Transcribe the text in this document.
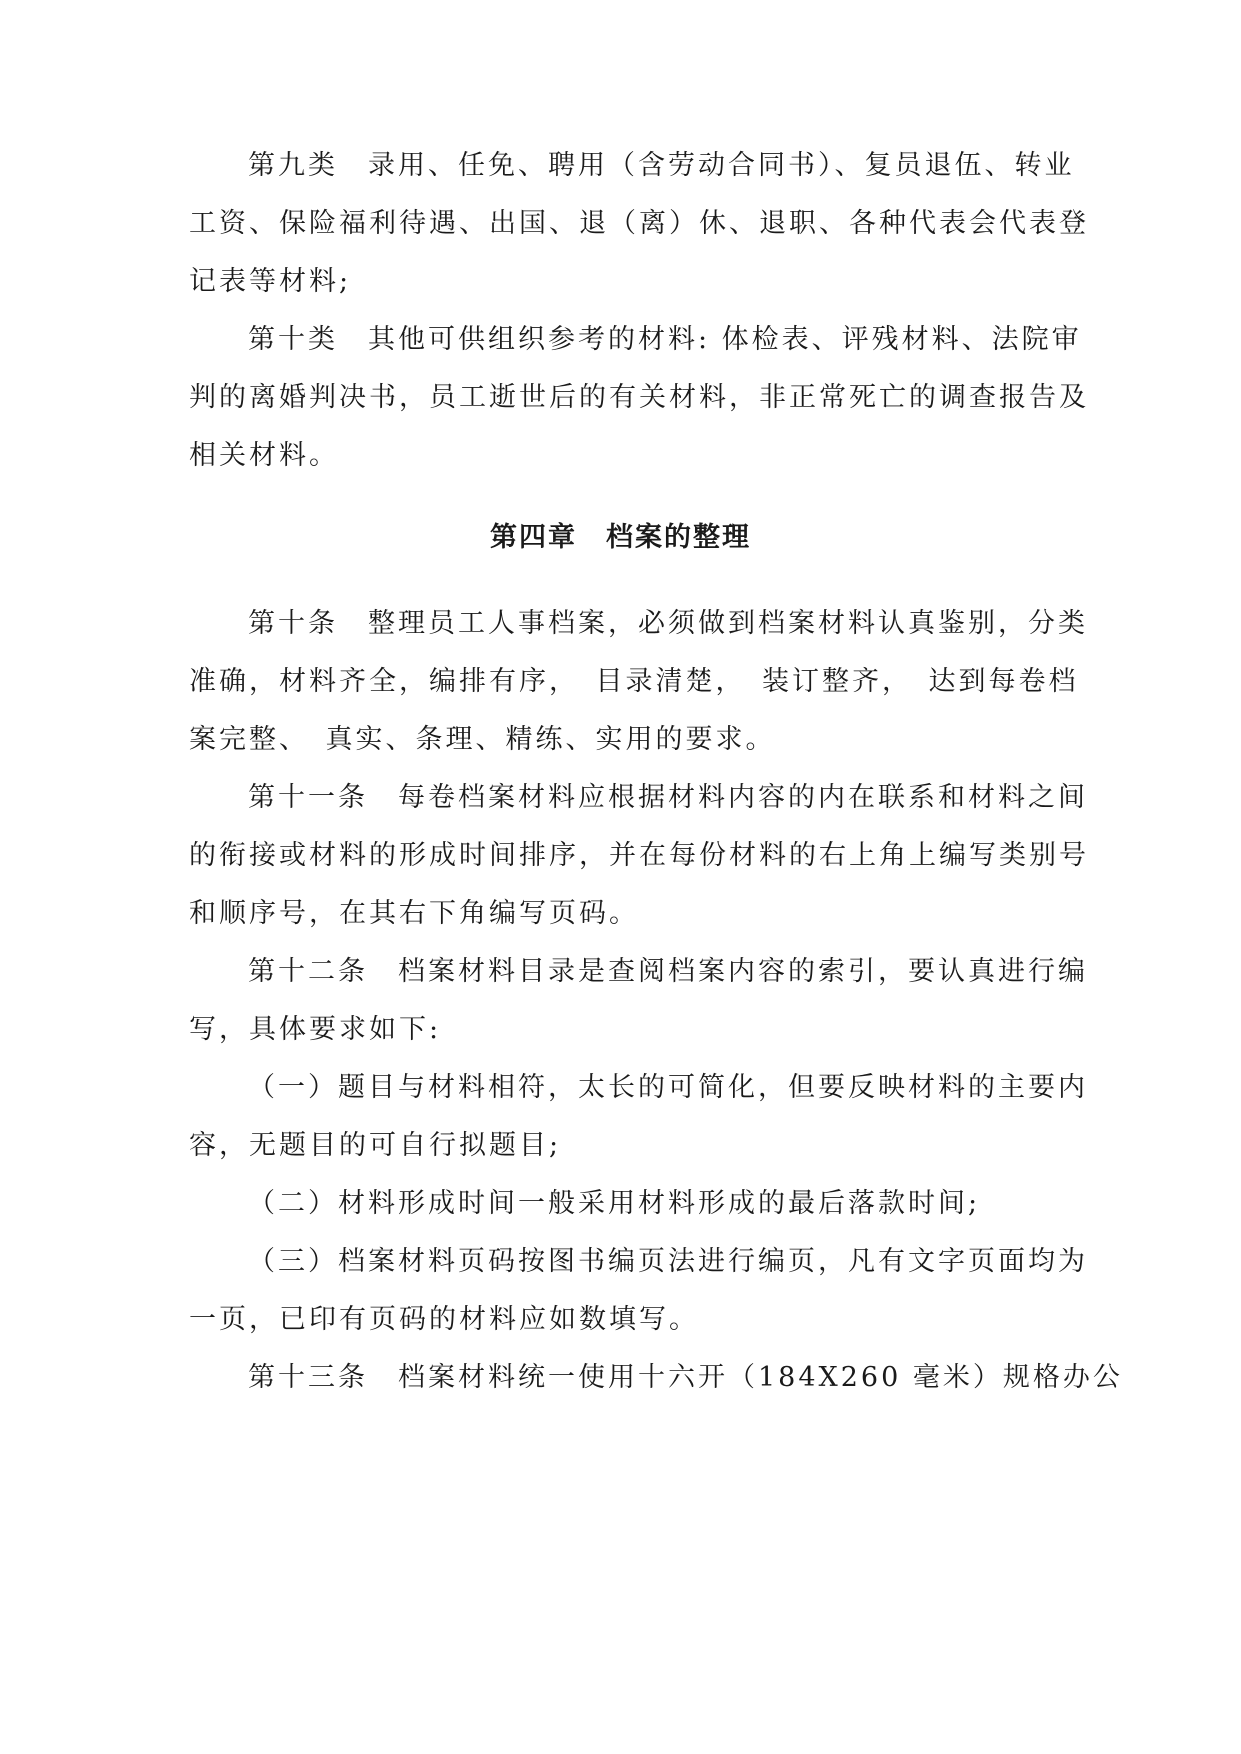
第九类　录用、任免、聘用（含劳动合同书）、复员退伍、转业
工资、保险福利待遇、出国、退（离）休、退职、各种代表会代表登
记表等材料;
第十类　其他可供组织参考的材料: 体检表、评残材料、法院审
判的离婚判决书，员工逝世后的有关材料，非正常死亡的调查报告及
相关材料。
第四章　档案的整理
第十条　整理员工人事档案，必须做到档案材料认真鉴别，分类
准确，材料齐全，编排有序，　目录清楚，　装订整齐，　达到每卷档
案完整、　真实、条理、精练、实用的要求。
第十一条　每卷档案材料应根据材料内容的内在联系和材料之间
的衔接或材料的形成时间排序，并在每份材料的右上角上编写类别号
和顺序号，在其右下角编写页码。
第十二条　档案材料目录是查阅档案内容的索引，要认真进行编
写，具体要求如下:
（一）题目与材料相符，太长的可简化，但要反映材料的主要内
容，无题目的可自行拟题目;
（二）材料形成时间一般采用材料形成的最后落款时间;
（三）档案材料页码按图书编页法进行编页，凡有文字页面均为
一页，已印有页码的材料应如数填写。
第十三条　档案材料统一使用十六开（184X260 毫米）规格办公
